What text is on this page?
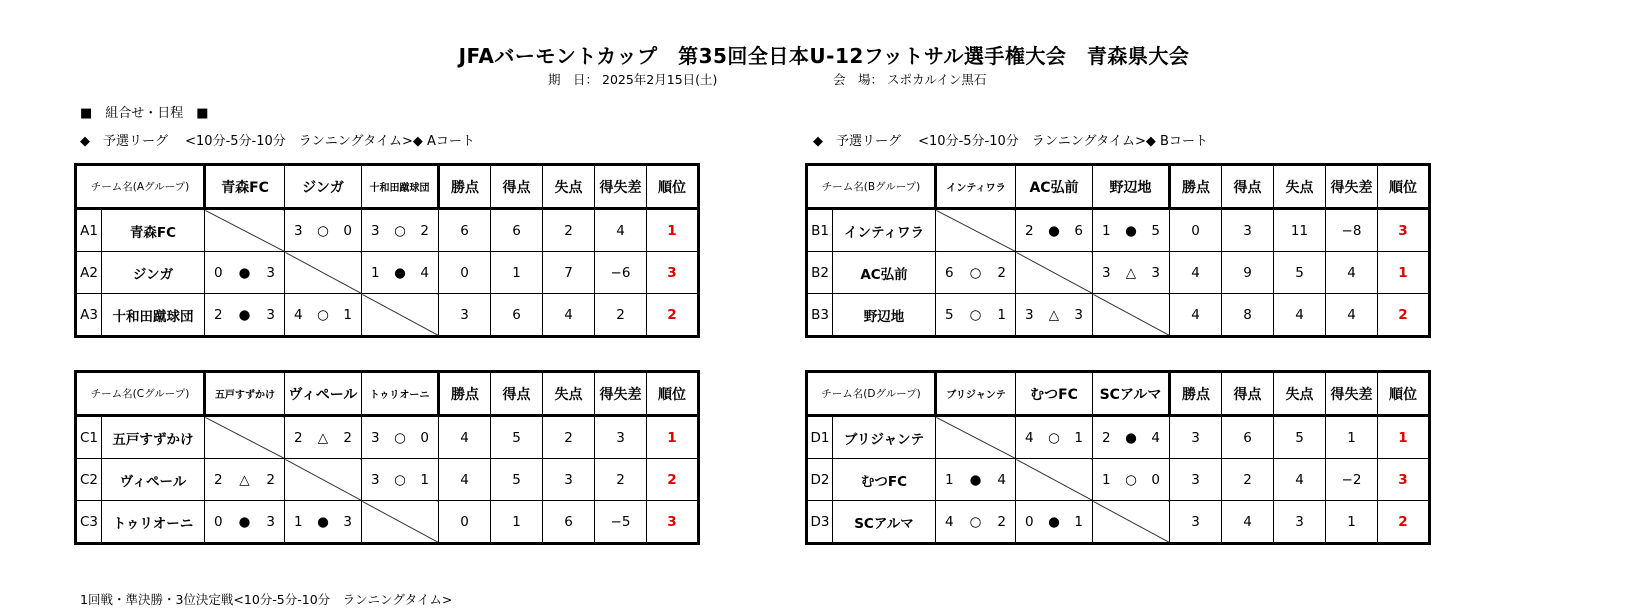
JFAバーモントカップ　第35回全日本U-12フットサル選手権大会　青森県大会
期　日： 2025年2月15日(土)	会　場： スポカルイン黒石
■　組合せ・日程　■
◆　予選リーグ　 <10分-5分-10分　ランニングタイム>◆ Aコート	◆　予選リーグ　 <10分-5分-10分　ランニングタイム>◆ Bコート
チーム名(Aグループ)		青森FC	ジンガ	十和田蹴球団	勝点	得点	失点	得失差	順位
A1	青森FC		3 ○ 0	3 ○ 2	6	6	2	4	1
A2	ジンガ	0 ● 3		1 ● 4	0	1	7	−6	3
A3	十和田蹴球団	2 ● 3	4 ○ 1		3	6	4	2	2
チーム名(Bグループ)		インティワラ	AC弘前	野辺地	勝点	得点	失点	得失差	順位
B1	インティワラ		2 ● 6	1 ● 5	0	3	11	−8	3
B2	AC弘前	6 ○ 2		3 △ 3	4	9	5	4	1
B3	野辺地	5 ○ 1	3 △ 3		4	8	4	4	2
チーム名(Cグループ)		五戸すずかけ	ヴィペール	トゥリオーニ	勝点	得点	失点	得失差	順位
C1	五戸すずかけ		2 △ 2	3 ○ 0	4	5	2	3	1
C2	ヴィペール	2 △ 2		3 ○ 1	4	5	3	2	2
C3	トゥリオーニ	0 ● 3	1 ● 3		0	1	6	−5	3
チーム名(Dグループ)		ブリジャンテ	むつFC	SCアルマ	勝点	得点	失点	得失差	順位
D1	ブリジャンテ		4 ○ 1	2 ● 4	3	6	5	1	1
D2	むつFC	1 ● 4		1 ○ 0	3	2	4	−2	3
D3	SCアルマ	4 ○ 2	0 ● 1		3	4	3	1	2
1回戦・準決勝・3位決定戦<10分-5分-10分　ランニングタイム>
